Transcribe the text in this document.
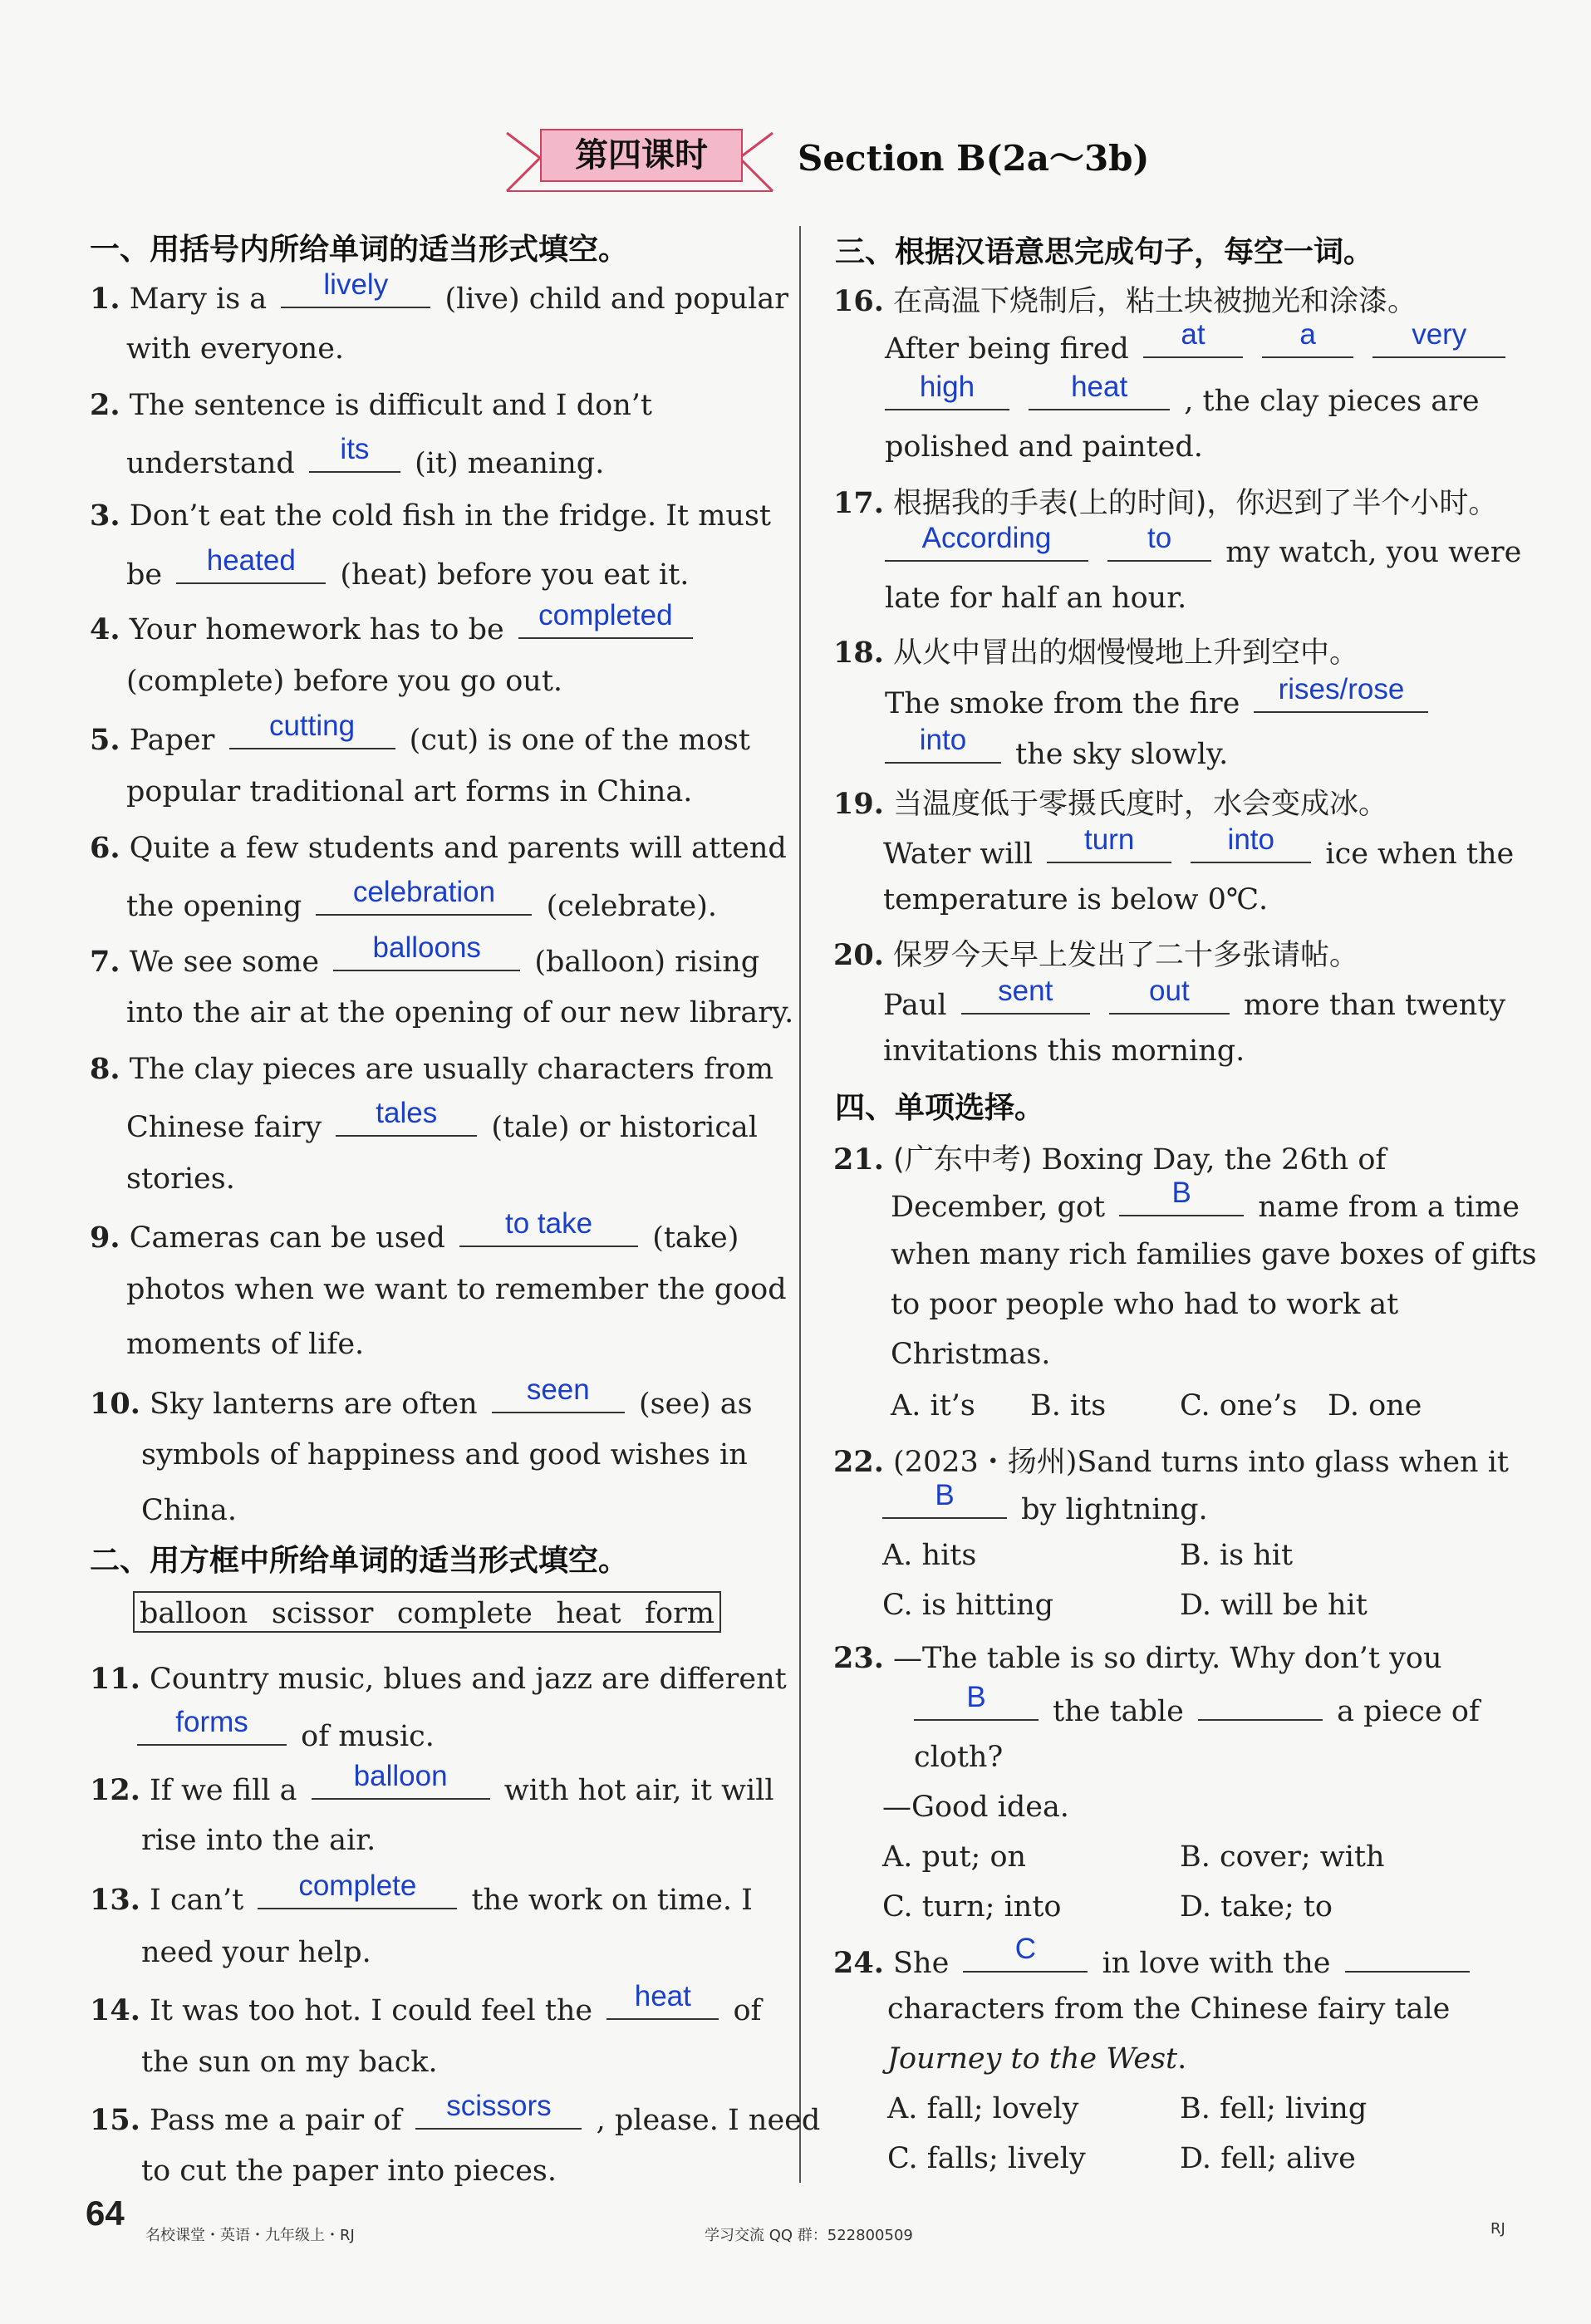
第四课时	Section B(2a～3b)
一、用括号内所给单词的适当形式填空。
1. Mary is a	lively	(live) child and popular
with everyone.
2. The sentence is difficult and I don’t
understand	its	(it) meaning.
3. Don’t eat the cold fish in the fridge. It must
be	heated	(heat) before you eat it.
4. Your homework has to be	completed
(complete) before you go out.
5. Paper	cutting	(cut) is one of the most
popular traditional art forms in China.
6. Quite a few students and parents will attend
the opening	celebration	(celebrate).
7. We see some	balloons	(balloon) rising
into the air at the opening of our new library.
8. The clay pieces are usually characters from
Chinese fairy	tales	(tale) or historical
stories.
9. Cameras can be used	to take	(take)
photos when we want to remember the good
moments of life.
10. Sky lanterns are often	seen	(see) as
symbols of happiness and good wishes in
China.
二、用方框中所给单词的适当形式填空。
balloon scissor complete heat form
11. Country music, blues and jazz are different
forms	of music.
12. If we fill a	balloon	with hot air, it will
rise into the air.
13. I can’t	complete	the work on time. I
need your help.
14. It was too hot. I could feel the	heat	of
the sun on my back.
15. Pass me a pair of	scissors	, please. I need
to cut the paper into pieces.
三、根据汉语意思完成句子，每空一词。
16. 在高温下烧制后，粘土块被抛光和涂漆。
After being fired	at
	a
	very
high
	heat	, the clay pieces are
polished and painted.
17. 根据我的手表(上的时间)，你迟到了半个小时。
According
	to	my watch, you were
late for half an hour.
18. 从火中冒出的烟慢慢地上升到空中。
The smoke from the fire	rises/rose
into	the sky slowly.
19. 当温度低于零摄氏度时，水会变成冰。
Water will	turn
	into	ice when the
temperature is below 0℃.
20. 保罗今天早上发出了二十多张请帖。
Paul	sent
	out	more than twenty
invitations this morning.
四、单项选择。
21. (广东中考) Boxing Day, the 26th of
December, got	B	name from a time
when many rich families gave boxes of gifts
to poor people who had to work at
Christmas.
A. it’s B. its	C. one’s D. one
22. (2023・扬州)Sand turns into glass when it
B	by lightning.
A. hits	B. is hit
C. is hitting	D. will be hit
23. —The table is so dirty. Why don’t you
B	the table	a piece of
cloth?
—Good idea.
A. put; on	B. cover; with
C. turn; into	D. take; to
24. She	C	in love with the
characters from the Chinese fairy tale
Journey to the West.
A. fall; lovely	B. fell; living
C. falls; lively	D. fell; alive
64
名校课堂・英语・九年级上・RJ	学习交流 QQ 群：522800509	RJ
